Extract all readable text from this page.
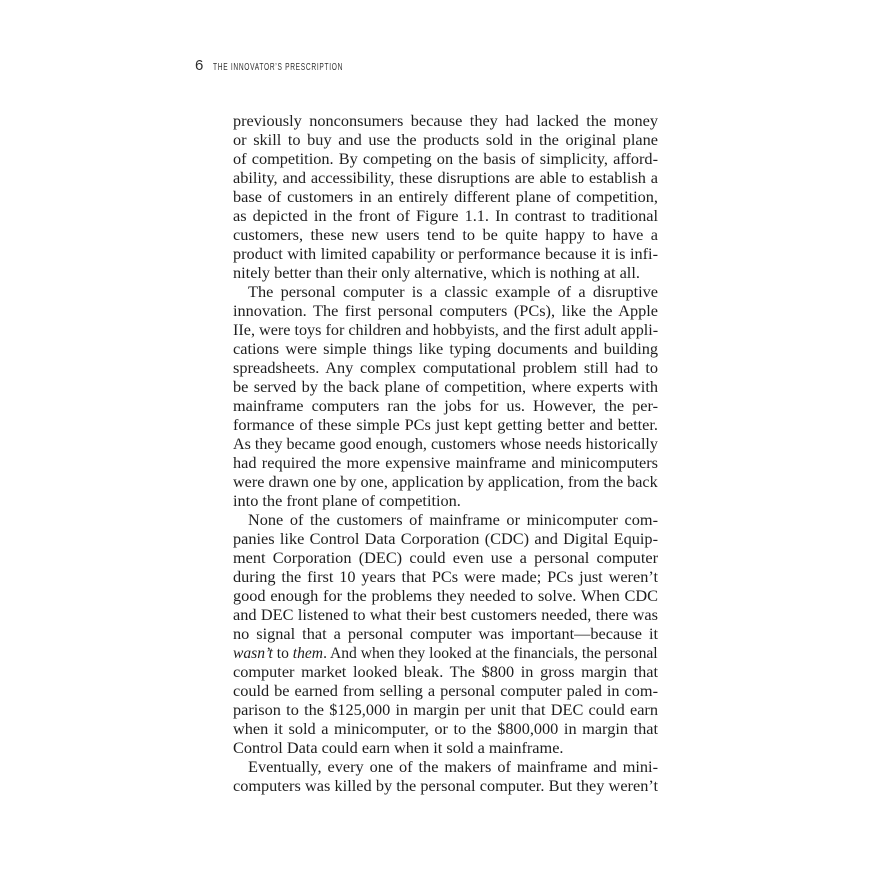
6 THE INNOVATOR’S PRESCRIPTION
previously nonconsumers because they had lacked the money
or skill to buy and use the products sold in the original plane
of competition. By competing on the basis of simplicity, afford-
ability, and accessibility, these disruptions are able to establish a
base of customers in an entirely different plane of competition,
as depicted in the front of Figure 1.1. In contrast to traditional
customers, these new users tend to be quite happy to have a
product with limited capability or performance because it is infi-
nitely better than their only alternative, which is nothing at all.
The personal computer is a classic example of a disruptive
innovation. The first personal computers (PCs), like the Apple
IIe, were toys for children and hobbyists, and the first adult appli-
cations were simple things like typing documents and building
spreadsheets. Any complex computational problem still had to
be served by the back plane of competition, where experts with
mainframe computers ran the jobs for us. However, the per-
formance of these simple PCs just kept getting better and better.
As they became good enough, customers whose needs historically
had required the more expensive mainframe and minicomputers
were drawn one by one, application by application, from the back
into the front plane of competition.
None of the customers of mainframe or minicomputer com-
panies like Control Data Corporation (CDC) and Digital Equip-
ment Corporation (DEC) could even use a personal computer
during the first 10 years that PCs were made; PCs just weren’t
good enough for the problems they needed to solve. When CDC
and DEC listened to what their best customers needed, there was
no signal that a personal computer was important—because it
wasn’t to them. And when they looked at the financials, the personal
computer market looked bleak. The $800 in gross margin that
could be earned from selling a personal computer paled in com-
parison to the $125,000 in margin per unit that DEC could earn
when it sold a minicomputer, or to the $800,000 in margin that
Control Data could earn when it sold a mainframe.
Eventually, every one of the makers of mainframe and mini-
computers was killed by the personal computer. But they weren’t
